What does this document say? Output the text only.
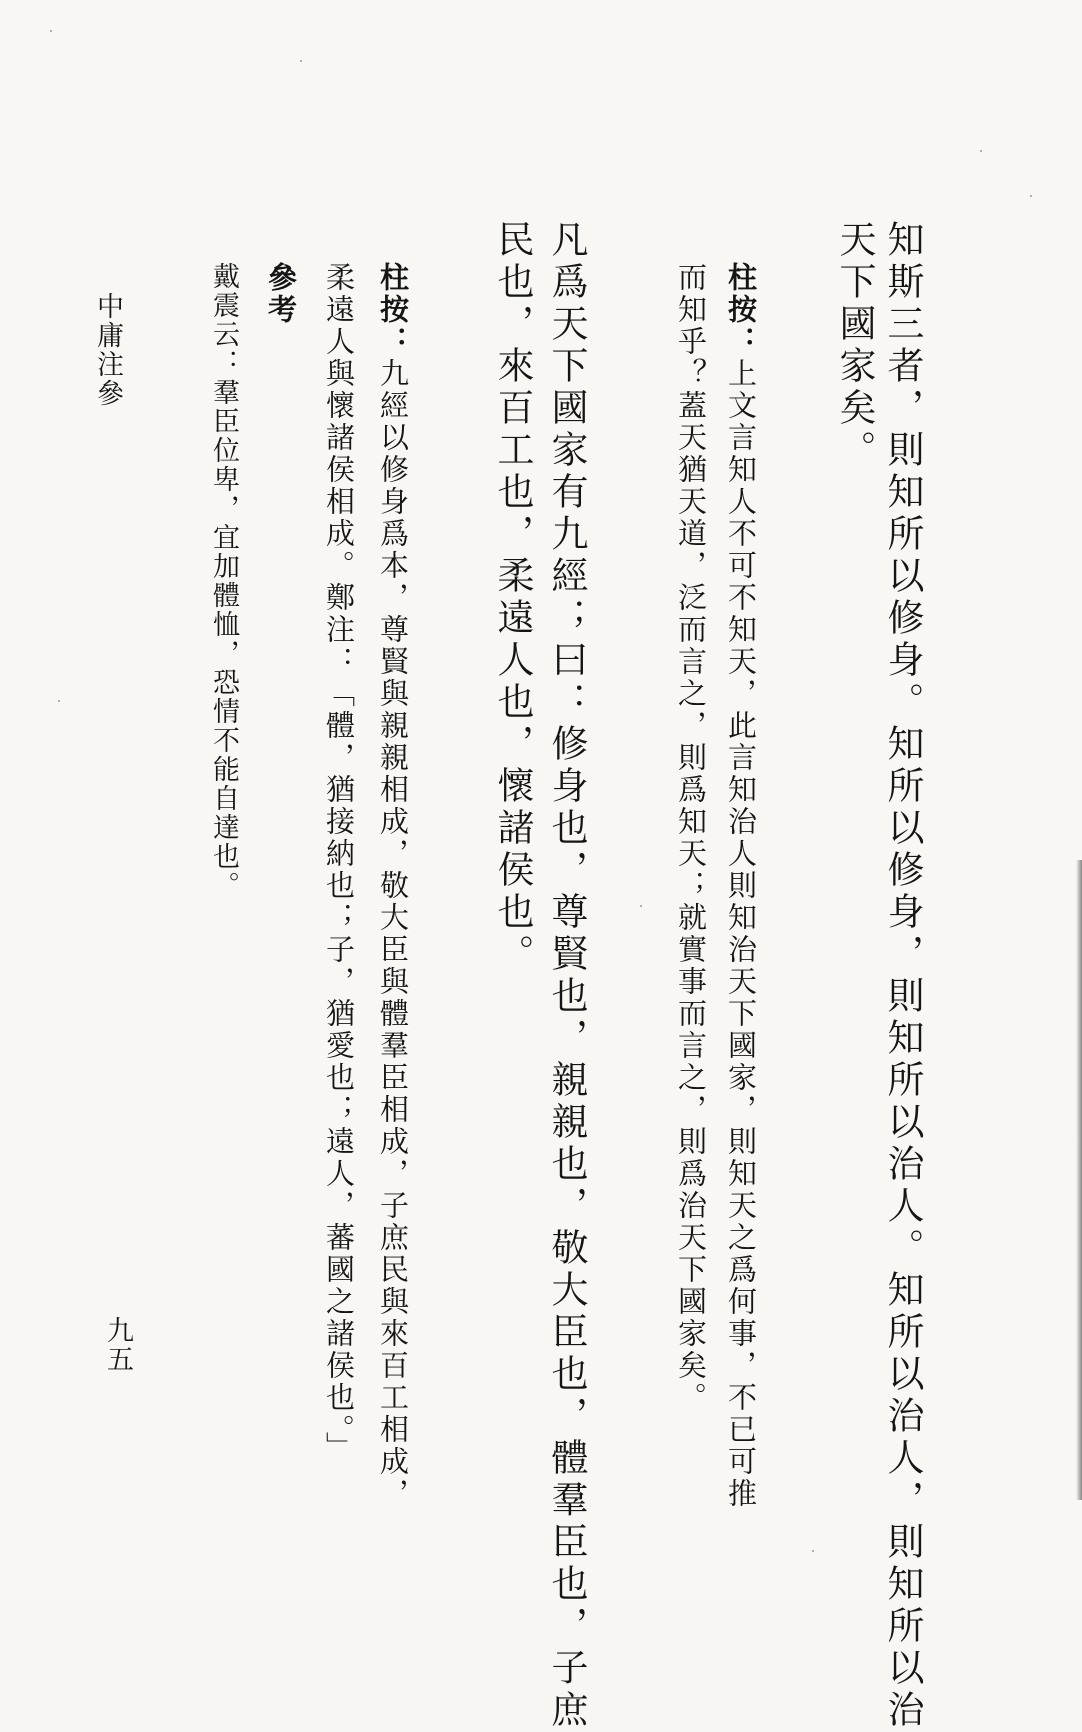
知斯三者，則知所以修身。知所以修身，則知所以治人。知所以治人，則知所以治
天下國家矣。
柱按：上文言知人不可不知天，此言知治人則知治天下國家，則知天之爲何事，不已可推
而知乎？蓋天猶天道，泛而言之，則爲知天；就實事而言之，則爲治天下國家矣。
凡爲天下國家有九經；曰：修身也，尊賢也，親親也，敬大臣也，體羣臣也，子庶
民也，來百工也，柔遠人也，懷諸侯也。
柱按：九經以修身爲本，尊賢與親親相成，敬大臣與體羣臣相成，子庶民與來百工相成，
柔遠人與懷諸侯相成。鄭注：「體，猶接納也；子，猶愛也；遠人，蕃國之諸侯也。」
參考
戴震云：羣臣位卑，宜加體恤，恐情不能自達也。
中庸注參
九五
